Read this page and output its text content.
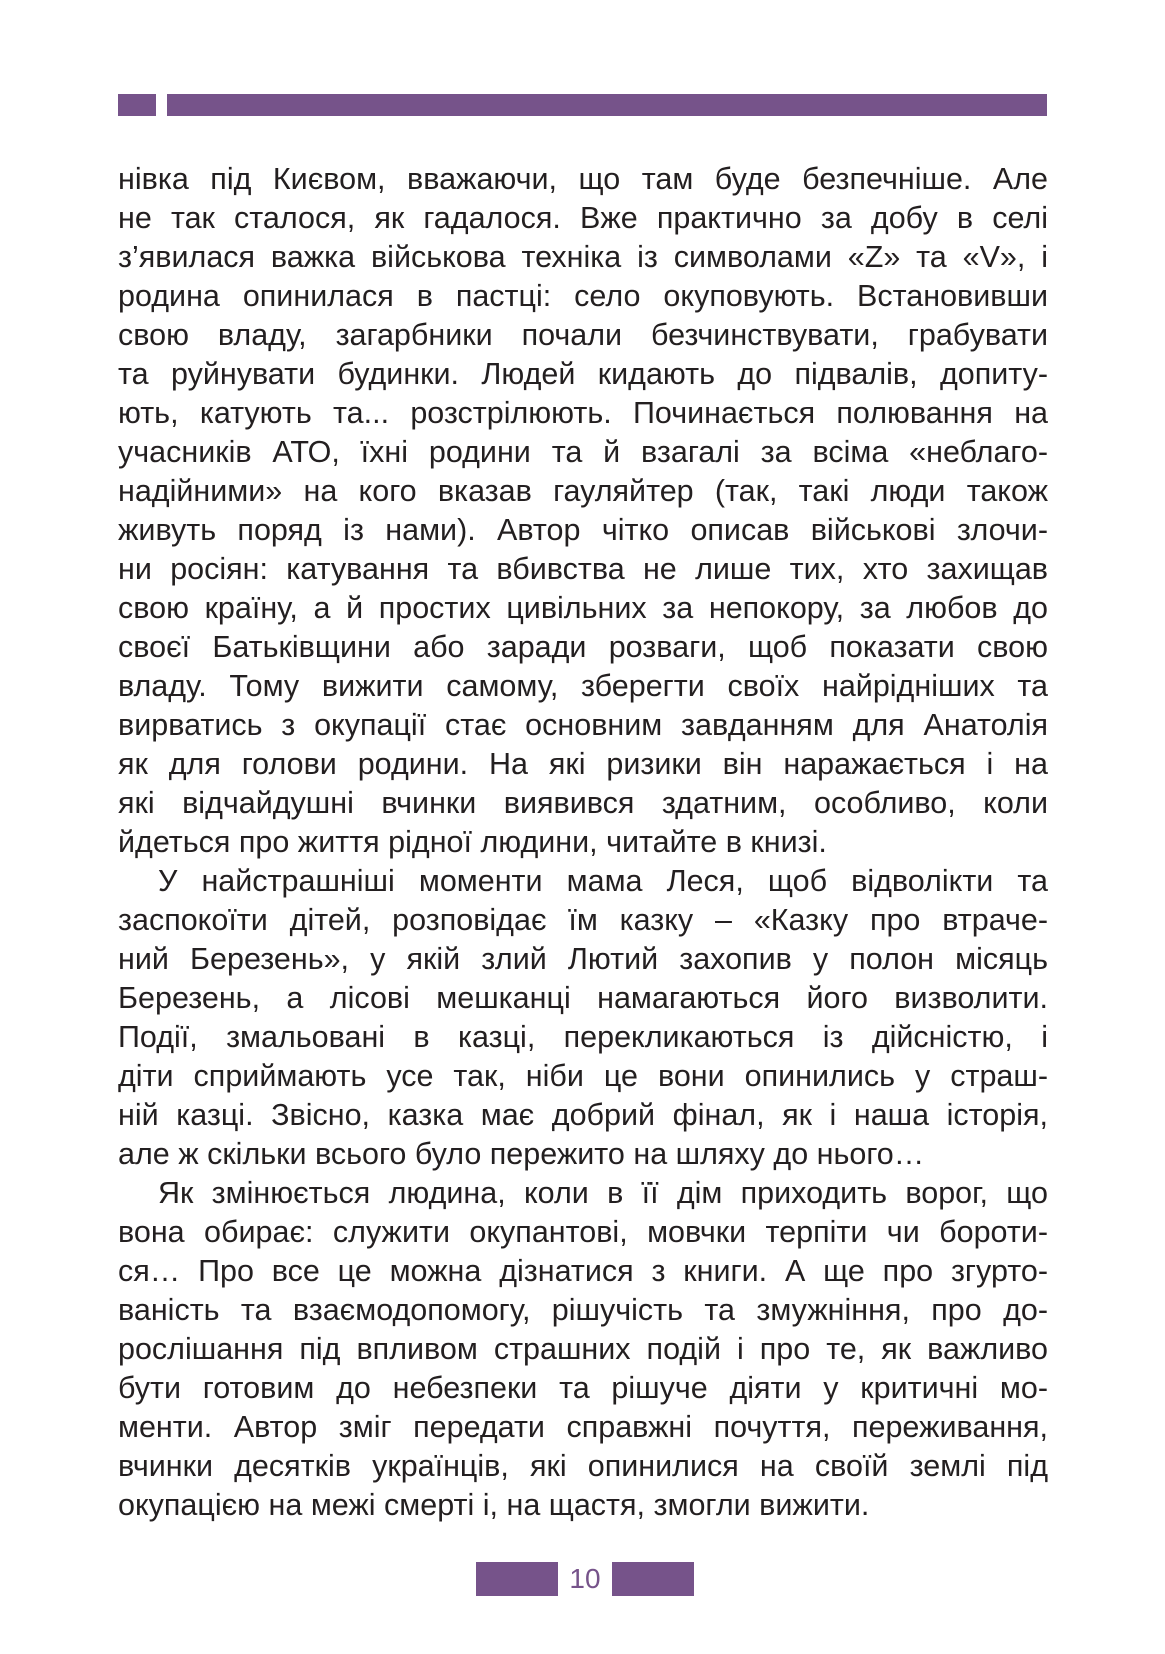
нівка під Києвом, вважаючи, що там буде безпечніше. Але
не так сталося, як гадалося. Вже практично за добу в селі
з’явилася важка військова техніка із символами «Z» та «V», і
родина опинилася в пастці: село окуповують. Встановивши
свою владу, загарбники почали безчинствувати, грабувати
та руйнувати будинки. Людей кидають до підвалів, допиту-
ють, катують та... розстрілюють. Починається полювання на
учасників АТО, їхні родини та й взагалі за всіма «неблаго-
надійними» на кого вказав гауляйтер (так, такі люди також
живуть поряд із нами). Автор чітко описав військові злочи-
ни росіян: катування та вбивства не лише тих, хто захищав
свою країну, а й простих цивільних за непокору, за любов до
своєї Батьківщини або заради розваги, щоб показати свою
владу. Тому вижити самому, зберегти своїх найрідніших та
вирватись з окупації стає основним завданням для Анатолія
як для голови родини. На які ризики він наражається і на
які відчайдушні вчинки виявився здатним, особливо, коли
йдеться про життя рідної людини, читайте в книзі.
У найстрашніші моменти мама Леся, щоб відволікти та
заспокоїти дітей, розповідає їм казку – «Казку про втраче-
ний Березень», у якій злий Лютий захопив у полон місяць
Березень, а лісові мешканці намагаються його визволити.
Події, змальовані в казці, перекликаються із дійсністю, і
діти сприймають усе так, ніби це вони опинились у страш-
ній казці. Звісно, казка має добрий фінал, як і наша історія,
але ж скільки всього було пережито на шляху до нього…
Як змінюється людина, коли в її дім приходить ворог, що
вона обирає: служити окупантові, мовчки терпіти чи бороти-
ся… Про все це можна дізнатися з книги. А ще про згурто-
ваність та взаємодопомогу, рішучість та змужніння, про до-
рослішання під впливом страшних подій і про те, як важливо
бути готовим до небезпеки та рішуче діяти у критичні мо-
менти. Автор зміг передати справжні почуття, переживання,
вчинки десятків українців, які опинилися на своїй землі під
окупацією на межі смерті і, на щастя, змогли вижити.
10
